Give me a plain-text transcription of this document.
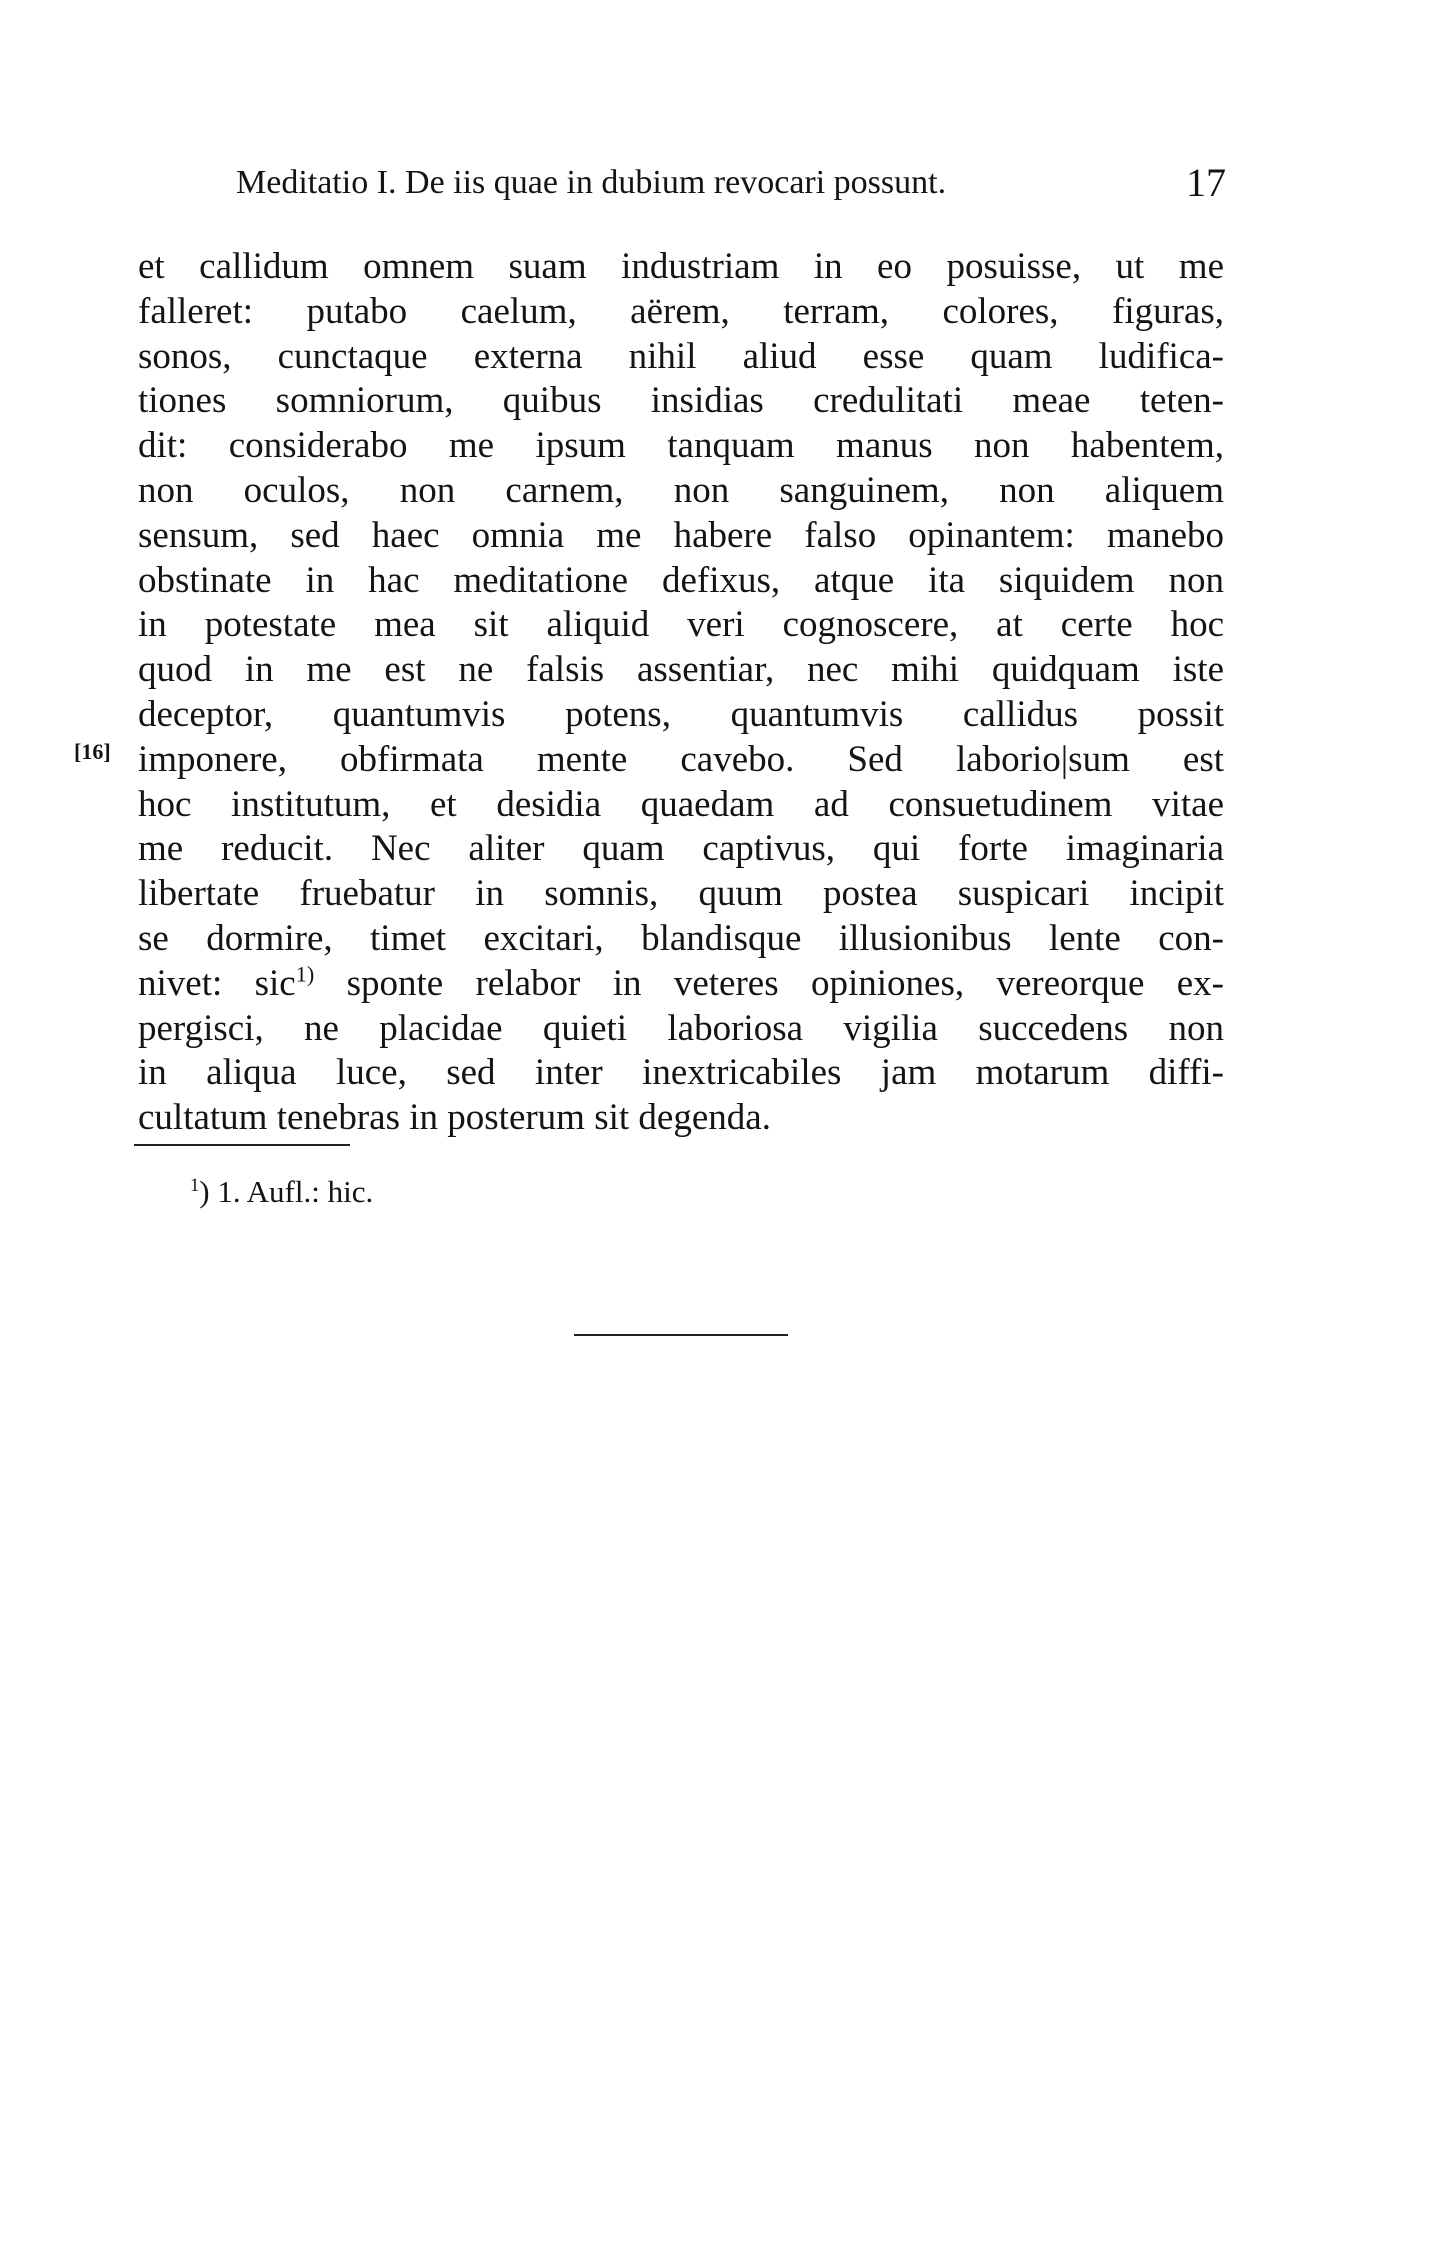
Meditatio I. De iis quae in dubium revocari possunt.	17
[16]
et callidum omnem suam industriam in eo posuisse, ut me
falleret: putabo caelum, aërem, terram, colores, figuras,
sonos, cunctaque externa nihil aliud esse quam ludifica-
tiones somniorum, quibus insidias credulitati meae teten-
dit: considerabo me ipsum tanquam manus non habentem,
non oculos, non carnem, non sanguinem, non aliquem
sensum, sed haec omnia me habere falso opinantem: manebo
obstinate in hac meditatione defixus, atque ita siquidem non
in potestate mea sit aliquid veri cognoscere, at certe hoc
quod in me est ne falsis assentiar, nec mihi quidquam iste
deceptor, quantumvis potens, quantumvis callidus possit
imponere, obfirmata mente cavebo. Sed laborio|sum est
hoc institutum, et desidia quaedam ad consuetudinem vitae
me reducit. Nec aliter quam captivus, qui forte imaginaria
libertate fruebatur in somnis, quum postea suspicari incipit
se dormire, timet excitari, blandisque illusionibus lente con-
nivet: sic$^{1)}$ sponte relabor in veteres opiniones, vereorque ex-
pergisci, ne placidae quieti laboriosa vigilia succedens non
in aliqua luce, sed inter inextricabiles jam motarum diffi-
cultatum tenebras in posterum sit degenda.
$^1$) 1. Aufl.: hic.
